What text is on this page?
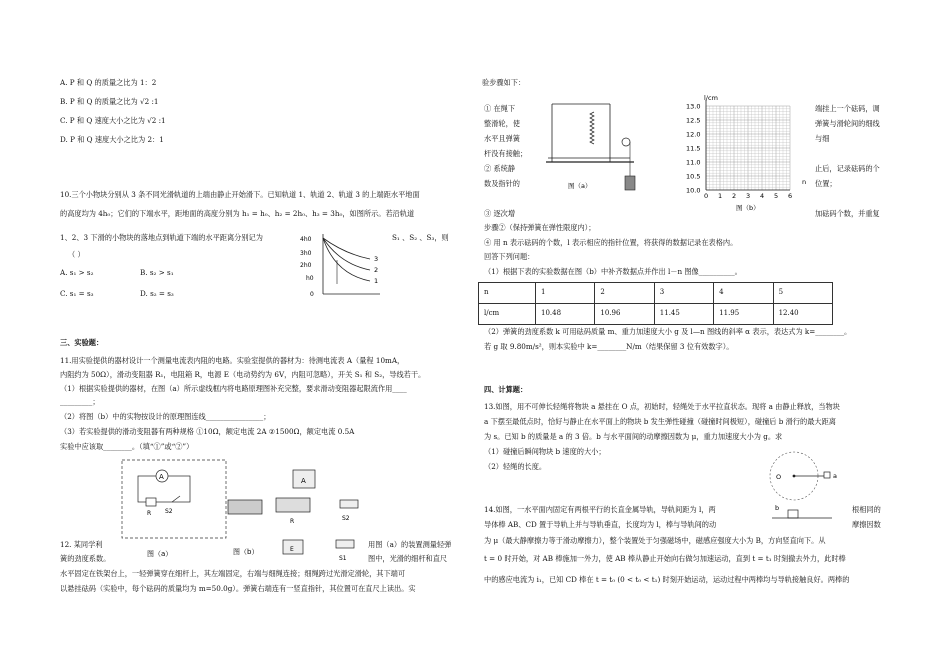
A. P 和 Q 的质量之比为 1：2
B. P 和 Q 的质量之比为 √2 :1
C. P 和 Q 速度大小之比为 √2 :1
D. P 和 Q 速度大小之比为 2：1
10.三个小物块分别从 3 条不同光滑轨道的上端由静止开始滑下。已知轨道 1、轨道 2、轨道 3 的上端距水平地面
的高度均为 4h₀；它们的下端水平，距地面的高度分别为 h₁ = h₀、h₂ = 2h₀、h₃ = 3h₀，如图所示。若沿轨道
1、2、3 下滑的小物块的落地点到轨道下端的水平距离分别记为	S₁ 、S₂ 、S₃，则
（ ）
A. s₁ > s₂	B. s₂ > s₁
C. s₁ = s₃	D. s₂ = s₃
4h0
3h0
2h0
h0
0
3
2
1
三、实验题：
11.用实验提供的器材设计一个测量电流表内阻的电路。实验室提供的器材为：待测电流表 A（量程 10mA，
内阻约为 50Ω），滑动变阻器 R₁，电阻箱 R，电源 E（电动势约为 6V，内阻可忽略），开关 S₁ 和 S₂，导线若干。
（1）根据实验提供的器材，在图（a）所示虚线框内将电路原理图补充完整，要求滑动变阻器起限流作用____
_________；
（2）将图（b）中的实物按设计的原理图连线________________；
（3）若实验提供的滑动变阻器有两种规格 ①10Ω，额定电流 2A ②1500Ω，额定电流 0.5A
实验中应该取________。（填“①”或“②”）
A
R S2
图（a）
A
R	S2
E
S1
图（b）
12. 某同学利
簧的劲度系数。
用图（a）的装置测量轻弹
图中，光滑的细杆和直尺
水平固定在铁架台上，一轻弹簧穿在细杆上，其左端固定，右端与细绳连接；细绳跨过光滑定滑轮，其下端可
以悬挂砝码（实验中，每个砝码的质量均为 m=50.0g）。弹簧右端连有一竖直指针，其位置可在直尺上读出。实
验步骤如下：
① 在绳下
整滑轮，使
水平且弹簧
杆没有接触；
② 系统静
数及指针的	图（a）
0 1 2 3 4 5 6
10.0
10.5
11.0
11.5
12.0
12.5
13.0
l/cm
n
图（b）
端挂上一个砝码，调
弹簧与滑轮间的细线
与细
止后，记录砝码的个
位置；
加砝码个数，并重复
③ 逐次增
步骤②（保持弹簧在弹性限度内）；
④ 用 n 表示砝码的个数，l 表示相应的指针位置，将获得的数据记录在表格内。
回答下列问题：
（1）根据下表的实验数据在图（b）中补齐数据点并作出 l－n 图像__________。
n	1	2	3	4	5
l/cm	10.48	10.96	11.45	11.95	12.40
（2）弹簧的劲度系数 k 可用砝码质量 m、重力加速度大小 g 及 l—n 图线的斜率 α 表示，表达式为 k=________。
若 g 取 9.80m/s²，则本实验中 k=________N/m（结果保留 3 位有效数字）。
四、计算题：
13.如图，用不可伸长轻绳将物块 a 悬挂在 O 点，初始时，轻绳处于水平拉直状态。现将 a 由静止释放，当物块
a 下摆至最低点时，恰好与静止在水平面上的物块 b 发生弹性碰撞（碰撞时间极短），碰撞后 b 滑行的最大距离
为 s。已知 b 的质量是 a 的 3 倍。b 与水平面间的动摩擦因数为 μ，重力加速度大小为 g。求
（1）碰撞后瞬间物块 b 速度的大小；
（2）轻绳的长度。
O	a
b
14.如图，一水平面内固定有两根平行的长直金属导轨，导轨间距为 l，两	根相同的
导体棒 AB、CD 置于导轨上并与导轨垂直，长度均为 l，棒与导轨间的动	摩擦因数
为 μ（最大静摩擦力等于滑动摩擦力），整个装置处于匀强磁场中，磁感应强度大小为 B，方向竖直向下。从
t = 0 时开始，对 AB 棒施加一外力，使 AB 棒从静止开始向右做匀加速运动，直到 t = t₁ 时刻撤去外力，此时棒
中的感应电流为 i₁，已知 CD 棒在 t = t₀ (0 < t₀ < t₁) 时刻开始运动，运动过程中两棒均与导轨接触良好。两棒的
